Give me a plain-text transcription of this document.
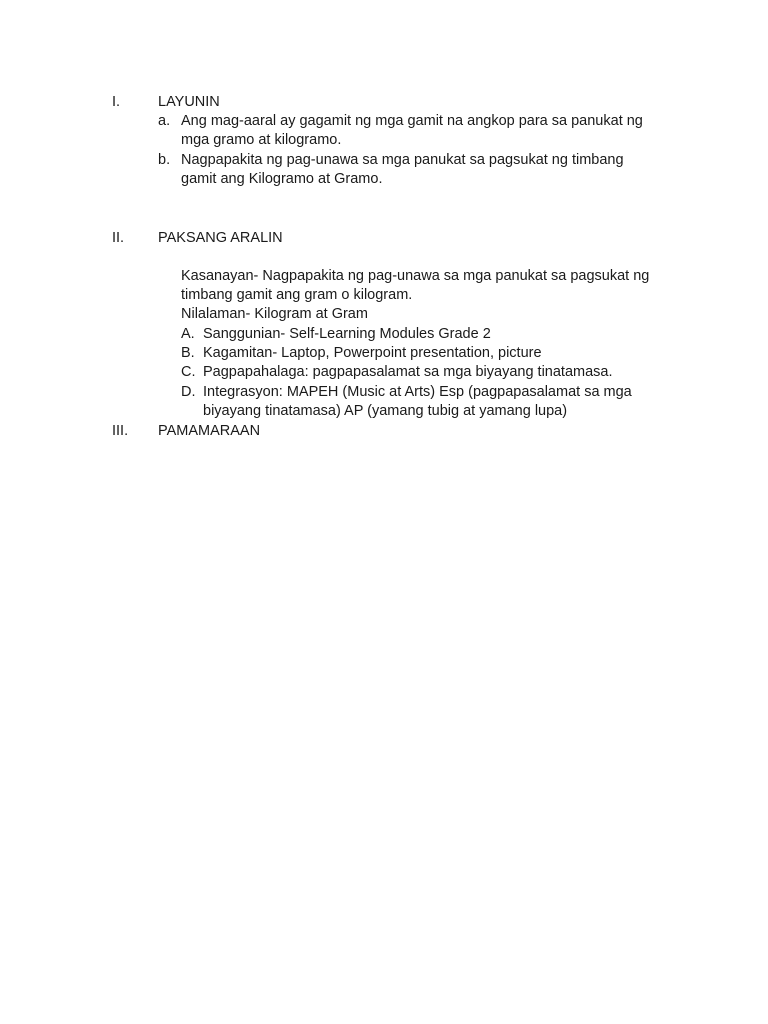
I.	LAYUNIN
a. Ang mag-aaral ay gagamit ng mga gamit na angkop para sa panukat ng
mga gramo at kilogramo.
b. Nagpapakita ng pag-unawa sa mga panukat sa pagsukat ng timbang
gamit ang Kilogramo at Gramo.
II. PAKSANG ARALIN
Kasanayan- Nagpapakita ng pag-unawa sa mga panukat sa pagsukat ng
timbang gamit ang gram o kilogram.
Nilalaman- Kilogram at Gram
A. Sanggunian- Self-Learning Modules Grade 2
B. Kagamitan- Laptop, Powerpoint presentation, picture
C. Pagpapahalaga: pagpapasalamat sa mga biyayang tinatamasa.
D. Integrasyon: MAPEH (Music at Arts) Esp (pagpapasalamat sa mga
biyayang tinatamasa) AP (yamang tubig at yamang lupa)
III. PAMAMARAAN
